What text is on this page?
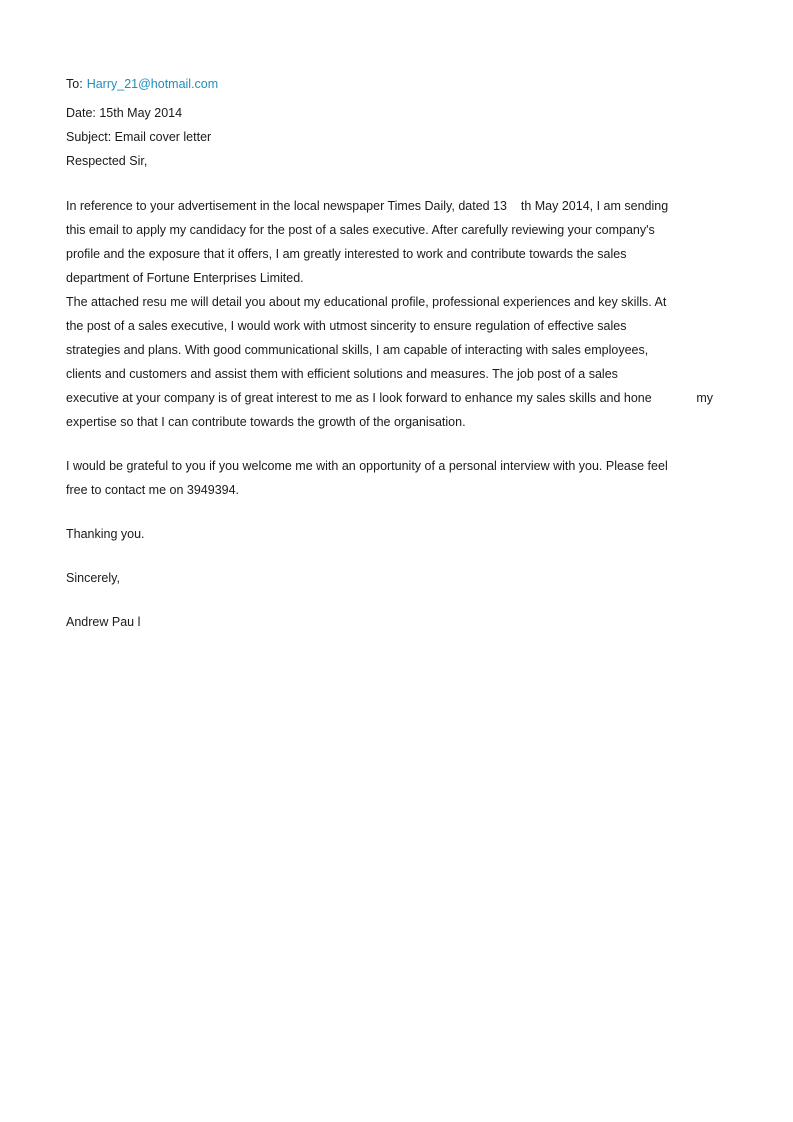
To: Harry_21@hotmail.com
Date: 15th May 2014
Subject: Email cover letter
Respected Sir,
In reference to your advertisement in the local newspaper Times Daily, dated 13    th May 2014, I am sending
this email to apply my candidacy for the post of a sales executive. After carefully reviewing your company's
profile and the exposure that it offers, I am greatly interested to work and contribute towards the sales
department of Fortune Enterprises Limited.
The attached resu me will detail you about my educational profile, professional experiences and key skills. At
the post of a sales executive, I would work with utmost sincerity to ensure regulation of effective sales
strategies and plans. With good communicational skills, I am capable of interacting with sales employees,
clients and customers and assist them with efficient solutions and measures. The job post of a sales
executive at your company is of great interest to me as I look forward to enhance my sales skills and hone	my
expertise so that I can contribute towards the growth of the organisation.
I would be grateful to you if you welcome me with an opportunity of a personal interview with you. Please feel
free to contact me on 3949394.
Thanking you.
Sincerely,
Andrew Pau l
